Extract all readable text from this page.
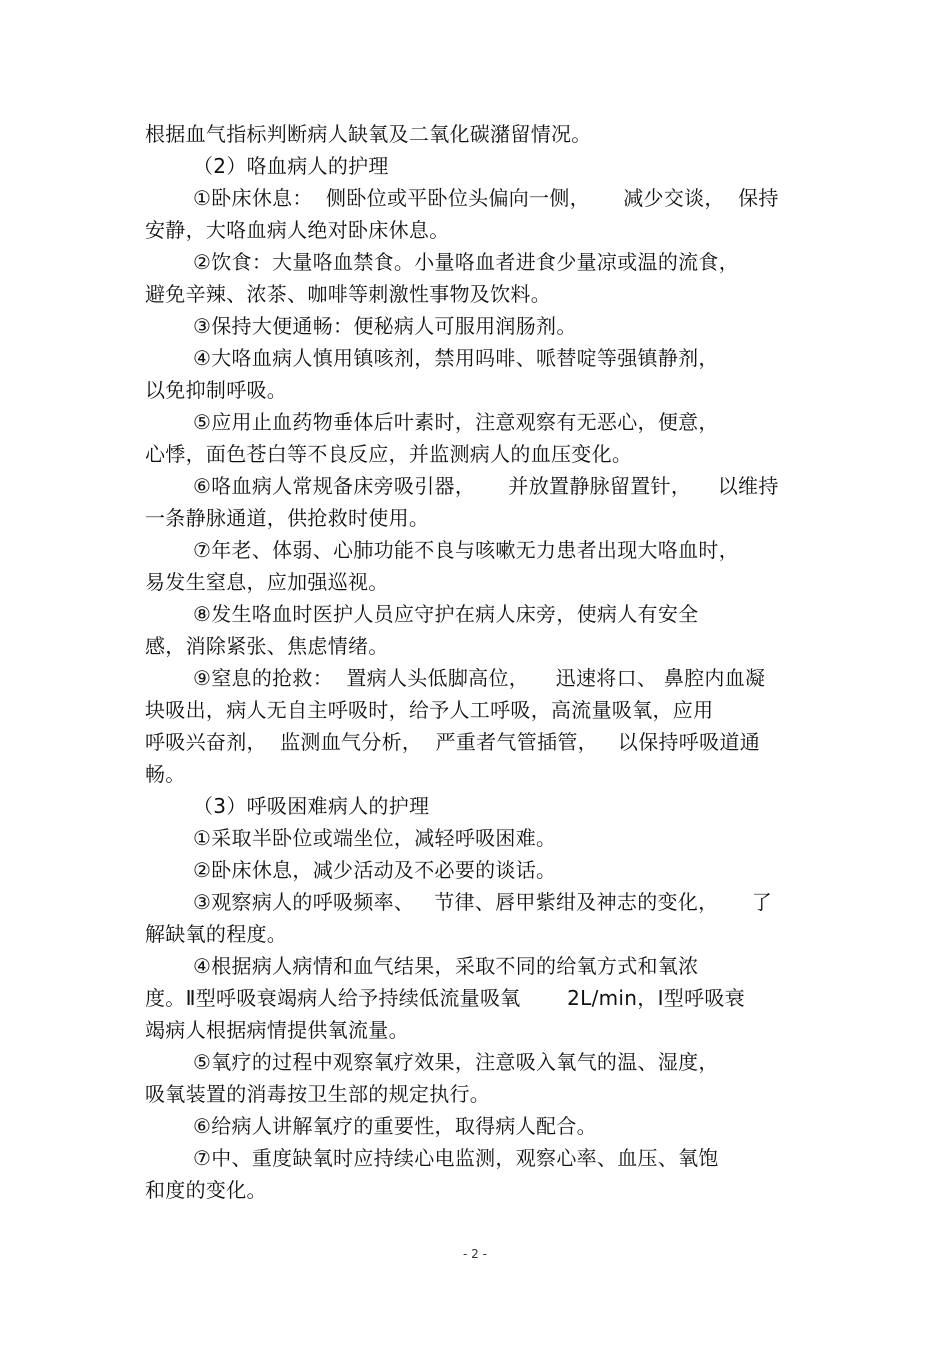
根据血气指标判断病人缺氧及二氧化碳潴留情况。
（2）咯血病人的护理
①卧床休息：  侧卧位或平卧位头偏向一侧，     减少交谈，  保持
安静，大咯血病人绝对卧床休息。
②饮食：大量咯血禁食。小量咯血者进食少量凉或温的流食，
避免辛辣、浓茶、咖啡等刺激性事物及饮料。
③保持大便通畅：便秘病人可服用润肠剂。
④大咯血病人慎用镇咳剂，禁用吗啡、哌替啶等强镇静剂，
以免抑制呼吸。
⑤应用止血药物垂体后叶素时，注意观察有无恶心，便意，
心悸，面色苍白等不良反应，并监测病人的血压变化。
⑥咯血病人常规备床旁吸引器，     并放置静脉留置针，    以维持
一条静脉通道，供抢救时使用。
⑦年老、体弱、心肺功能不良与咳嗽无力患者出现大咯血时，
易发生窒息，应加强巡视。
⑧发生咯血时医护人员应守护在病人床旁，使病人有安全
感，消除紧张、焦虑情绪。
⑨窒息的抢救：  置病人头低脚高位，    迅速将口、 鼻腔内血凝
块吸出，病人无自主呼吸时，给予人工呼吸，高流量吸氧，应用
呼吸兴奋剂，  监测血气分析，  严重者气管插管，   以保持呼吸道通
畅。
（3）呼吸困难病人的护理
①采取半卧位或端坐位，减轻呼吸困难。
②卧床休息，减少活动及不必要的谈话。
③观察病人的呼吸频率、   节律、唇甲紫绀及神志的变化，     了
解缺氧的程度。
④根据病人病情和血气结果，采取不同的给氧方式和氧浓
度。Ⅱ型呼吸衰竭病人给予持续低流量吸氧       2L/min，Ⅰ型呼吸衰
竭病人根据病情提供氧流量。
⑤氧疗的过程中观察氧疗效果，注意吸入氧气的温、湿度，
吸氧装置的消毒按卫生部的规定执行。
⑥给病人讲解氧疗的重要性，取得病人配合。
⑦中、重度缺氧时应持续心电监测，观察心率、血压、氧饱
和度的变化。
- 2 -
